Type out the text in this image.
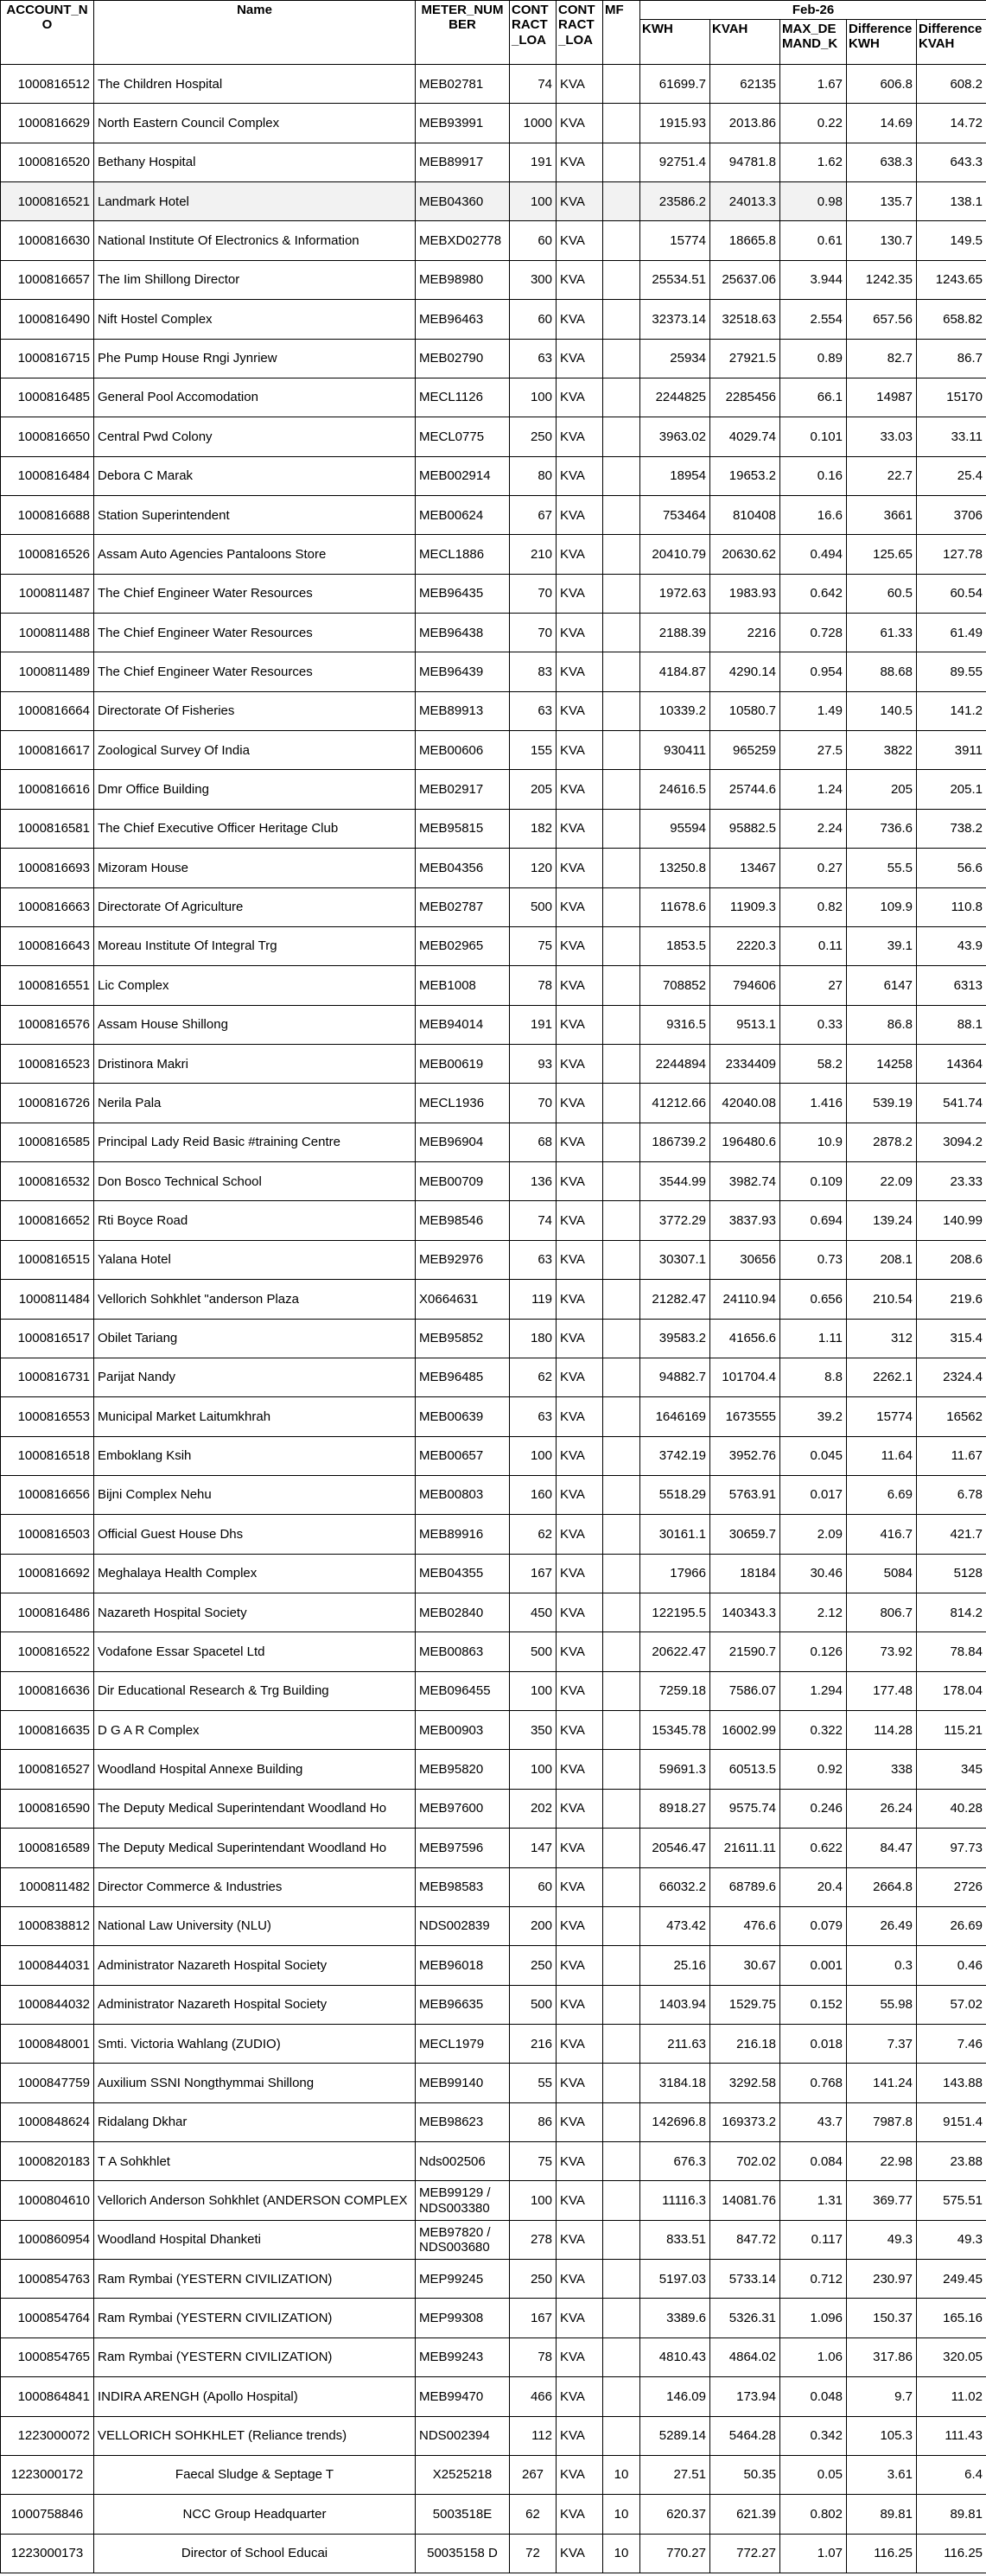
ACCOUNT_NO	Name	METER_NUMBER	CONTRACT_LOA	CONTRACT_LOA	MF	Feb-26				
						KWH	KVAH	MAX_DEMAND_K	Difference KWH	Difference KVAH
1000816512	The Children Hospital	MEB02781	74	KVA		61699.7	62135	1.67	606.8	608.2
1000816629	North Eastern Council Complex	MEB93991	1000	KVA		1915.93	2013.86	0.22	14.69	14.72
1000816520	Bethany Hospital	MEB89917	191	KVA		92751.4	94781.8	1.62	638.3	643.3
1000816521	Landmark Hotel	MEB04360	100	KVA		23586.2	24013.3	0.98	135.7	138.1
1000816630	National Institute Of Electronics & Information	MEBXD02778	60	KVA		15774	18665.8	0.61	130.7	149.5
1000816657	The Iim Shillong Director	MEB98980	300	KVA		25534.51	25637.06	3.944	1242.35	1243.65
1000816490	Nift Hostel Complex	MEB96463	60	KVA		32373.14	32518.63	2.554	657.56	658.82
1000816715	Phe Pump House Rngi Jynriew	MEB02790	63	KVA		25934	27921.5	0.89	82.7	86.7
1000816485	General Pool Accomodation	MECL1126	100	KVA		2244825	2285456	66.1	14987	15170
1000816650	Central Pwd Colony	MECL0775	250	KVA		3963.02	4029.74	0.101	33.03	33.11
1000816484	Debora C Marak	MEB002914	80	KVA		18954	19653.2	0.16	22.7	25.4
1000816688	Station Superintendent	MEB00624	67	KVA		753464	810408	16.6	3661	3706
1000816526	Assam Auto Agencies Pantaloons Store	MECL1886	210	KVA		20410.79	20630.62	0.494	125.65	127.78
1000811487	The Chief Engineer Water Resources	MEB96435	70	KVA		1972.63	1983.93	0.642	60.5	60.54
1000811488	The Chief Engineer Water Resources	MEB96438	70	KVA		2188.39	2216	0.728	61.33	61.49
1000811489	The Chief Engineer Water Resources	MEB96439	83	KVA		4184.87	4290.14	0.954	88.68	89.55
1000816664	Directorate Of Fisheries	MEB89913	63	KVA		10339.2	10580.7	1.49	140.5	141.2
1000816617	Zoological Survey Of India	MEB00606	155	KVA		930411	965259	27.5	3822	3911
1000816616	Dmr Office Building	MEB02917	205	KVA		24616.5	25744.6	1.24	205	205.1
1000816581	The Chief Executive Officer Heritage Club	MEB95815	182	KVA		95594	95882.5	2.24	736.6	738.2
1000816693	Mizoram House	MEB04356	120	KVA		13250.8	13467	0.27	55.5	56.6
1000816663	Directorate Of Agriculture	MEB02787	500	KVA		11678.6	11909.3	0.82	109.9	110.8
1000816643	Moreau Institute Of Integral Trg	MEB02965	75	KVA		1853.5	2220.3	0.11	39.1	43.9
1000816551	Lic Complex	MEB1008	78	KVA		708852	794606	27	6147	6313
1000816576	Assam House Shillong	MEB94014	191	KVA		9316.5	9513.1	0.33	86.8	88.1
1000816523	Dristinora Makri	MEB00619	93	KVA		2244894	2334409	58.2	14258	14364
1000816726	Nerila Pala	MECL1936	70	KVA		41212.66	42040.08	1.416	539.19	541.74
1000816585	Principal Lady Reid Basic #training Centre	MEB96904	68	KVA		186739.2	196480.6	10.9	2878.2	3094.2
1000816532	Don Bosco Technical School	MEB00709	136	KVA		3544.99	3982.74	0.109	22.09	23.33
1000816652	Rti Boyce Road	MEB98546	74	KVA		3772.29	3837.93	0.694	139.24	140.99
1000816515	Yalana Hotel	MEB92976	63	KVA		30307.1	30656	0.73	208.1	208.6
1000811484	Vellorich Sohkhlet "anderson Plaza	X0664631	119	KVA		21282.47	24110.94	0.656	210.54	219.6
1000816517	Obilet Tariang	MEB95852	180	KVA		39583.2	41656.6	1.11	312	315.4
1000816731	Parijat Nandy	MEB96485	62	KVA		94882.7	101704.4	8.8	2262.1	2324.4
1000816553	Municipal Market Laitumkhrah	MEB00639	63	KVA		1646169	1673555	39.2	15774	16562
1000816518	Emboklang Ksih	MEB00657	100	KVA		3742.19	3952.76	0.045	11.64	11.67
1000816656	Bijni Complex Nehu	MEB00803	160	KVA		5518.29	5763.91	0.017	6.69	6.78
1000816503	Official Guest House Dhs	MEB89916	62	KVA		30161.1	30659.7	2.09	416.7	421.7
1000816692	Meghalaya Health Complex	MEB04355	167	KVA		17966	18184	30.46	5084	5128
1000816486	Nazareth Hospital Society	MEB02840	450	KVA		122195.5	140343.3	2.12	806.7	814.2
1000816522	Vodafone Essar Spacetel Ltd	MEB00863	500	KVA		20622.47	21590.7	0.126	73.92	78.84
1000816636	Dir Educational Research & Trg Building	MEB096455	100	KVA		7259.18	7586.07	1.294	177.48	178.04
1000816635	D G A R Complex	MEB00903	350	KVA		15345.78	16002.99	0.322	114.28	115.21
1000816527	Woodland Hospital Annexe Building	MEB95820	100	KVA		59691.3	60513.5	0.92	338	345
1000816590	The Deputy Medical Superintendant Woodland Ho	MEB97600	202	KVA		8918.27	9575.74	0.246	26.24	40.28
1000816589	The Deputy Medical Superintendant Woodland Ho	MEB97596	147	KVA		20546.47	21611.11	0.622	84.47	97.73
1000811482	Director Commerce & Industries	MEB98583	60	KVA		66032.2	68789.6	20.4	2664.8	2726
1000838812	National Law University (NLU)	NDS002839	200	KVA		473.42	476.6	0.079	26.49	26.69
1000844031	Administrator Nazareth Hospital Society	MEB96018	250	KVA		25.16	30.67	0.001	0.3	0.46
1000844032	Administrator Nazareth Hospital Society	MEB96635	500	KVA		1403.94	1529.75	0.152	55.98	57.02
1000848001	Smti. Victoria Wahlang (ZUDIO)	MECL1979	216	KVA		211.63	216.18	0.018	7.37	7.46
1000847759	Auxilium SSNI Nongthymmai Shillong	MEB99140	55	KVA		3184.18	3292.58	0.768	141.24	143.88
1000848624	Ridalang Dkhar	MEB98623	86	KVA		142696.8	169373.2	43.7	7987.8	9151.4
1000820183	T A Sohkhlet	Nds002506	75	KVA		676.3	702.02	0.084	22.98	23.88
1000804610	Vellorich Anderson Sohkhlet (ANDERSON COMPLEX	MEB99129 / NDS003380	100	KVA		11116.3	14081.76	1.31	369.77	575.51
1000860954	Woodland Hospital Dhanketi	MEB97820 / NDS003680	278	KVA		833.51	847.72	0.117	49.3	49.3
1000854763	Ram Rymbai (YESTERN CIVILIZATION)	MEP99245	250	KVA		5197.03	5733.14	0.712	230.97	249.45
1000854764	Ram Rymbai (YESTERN CIVILIZATION)	MEP99308	167	KVA		3389.6	5326.31	1.096	150.37	165.16
1000854765	Ram Rymbai (YESTERN CIVILIZATION)	MEB99243	78	KVA		4810.43	4864.02	1.06	317.86	320.05
1000864841	INDIRA ARENGH (Apollo Hospital)	MEB99470	466	KVA		146.09	173.94	0.048	9.7	11.02
1223000072	VELLORICH SOHKHLET (Reliance trends)	NDS002394	112	KVA		5289.14	5464.28	0.342	105.3	111.43
1223000172	Faecal Sludge & Septage T	X2525218	267	KVA	10	27.51	50.35	0.05	3.61	6.4
1000758846	NCC Group Headquarter	5003518E	62	KVA	10	620.37	621.39	0.802	89.81	89.81
1223000173	Director of School Educai	50035158 D	72	KVA	10	770.27	772.27	1.07	116.25	116.25
